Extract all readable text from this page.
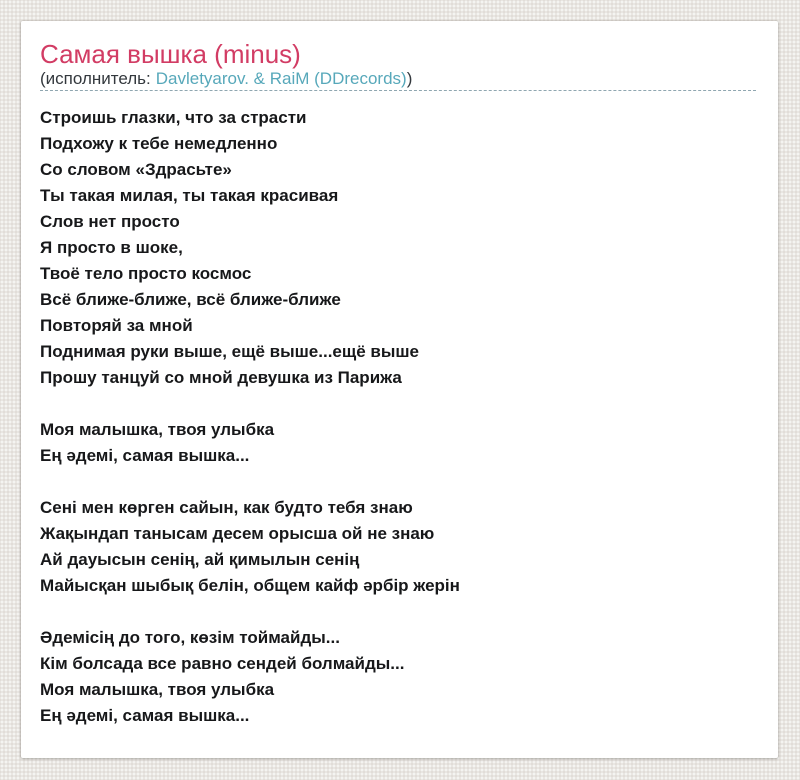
Самая вышка (minus)
(исполнитель: Davletyarov. & RaiM (DDrecords))
Строишь глазки, что за страсти
Подхожу к тебе немедленно
Со словом «Здрасьте»
Ты такая милая, ты такая красивая
Слов нет просто
Я просто в шоке,
Твоё тело просто космос
Всё ближе-ближе, всё ближе-ближе
Повторяй за мной
Поднимая руки выше, ещё выше...ещё выше
Прошу танцуй со мной девушка из Парижа

Моя малышка, твоя улыбка
Ең әдемі, самая вышка...

Сені мен көрген сайын, как будто тебя знаю
Жақындап танысам десем орысша ой не знаю
Ай дауысын сенің, ай қимылын сенің
Майысқан шыбық белін, общем кайф әрбір жерін

Әдемісің до того, көзім тоймайды...
Кім болсада все равно сендей болмайды...
Моя малышка, твоя улыбка
Ең әдемі, самая вышка...
